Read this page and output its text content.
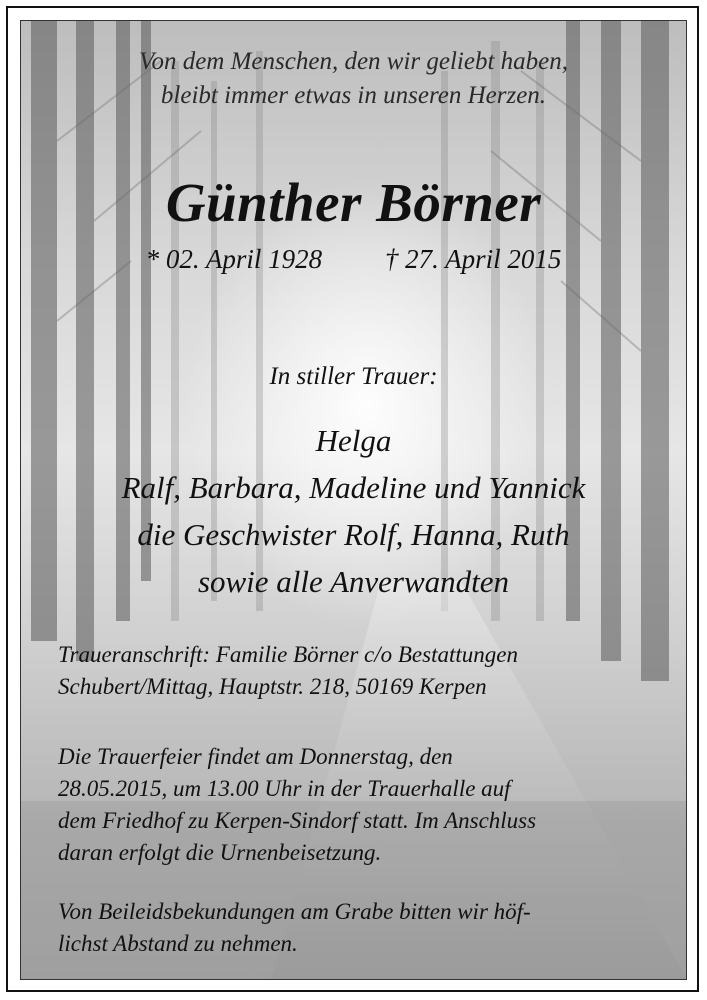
Von dem Menschen, den wir geliebt haben,
bleibt immer etwas in unseren Herzen.
Günther Börner
* 02. April 1928 † 27. April 2015
In stiller Trauer:
Helga
Ralf, Barbara, Madeline und Yannick
die Geschwister Rolf, Hanna, Ruth
sowie alle Anverwandten
Traueranschrift: Familie Börner c/o Bestattungen
Schubert/Mittag, Hauptstr. 218, 50169 Kerpen
Die Trauerfeier findet am Donnerstag, den
28.05.2015, um 13.00 Uhr in der Trauerhalle auf
dem Friedhof zu Kerpen-Sindorf statt. Im Anschluss
daran erfolgt die Urnenbeisetzung.
Von Beileidsbekundungen am Grabe bitten wir höf-
lichst Abstand zu nehmen.
